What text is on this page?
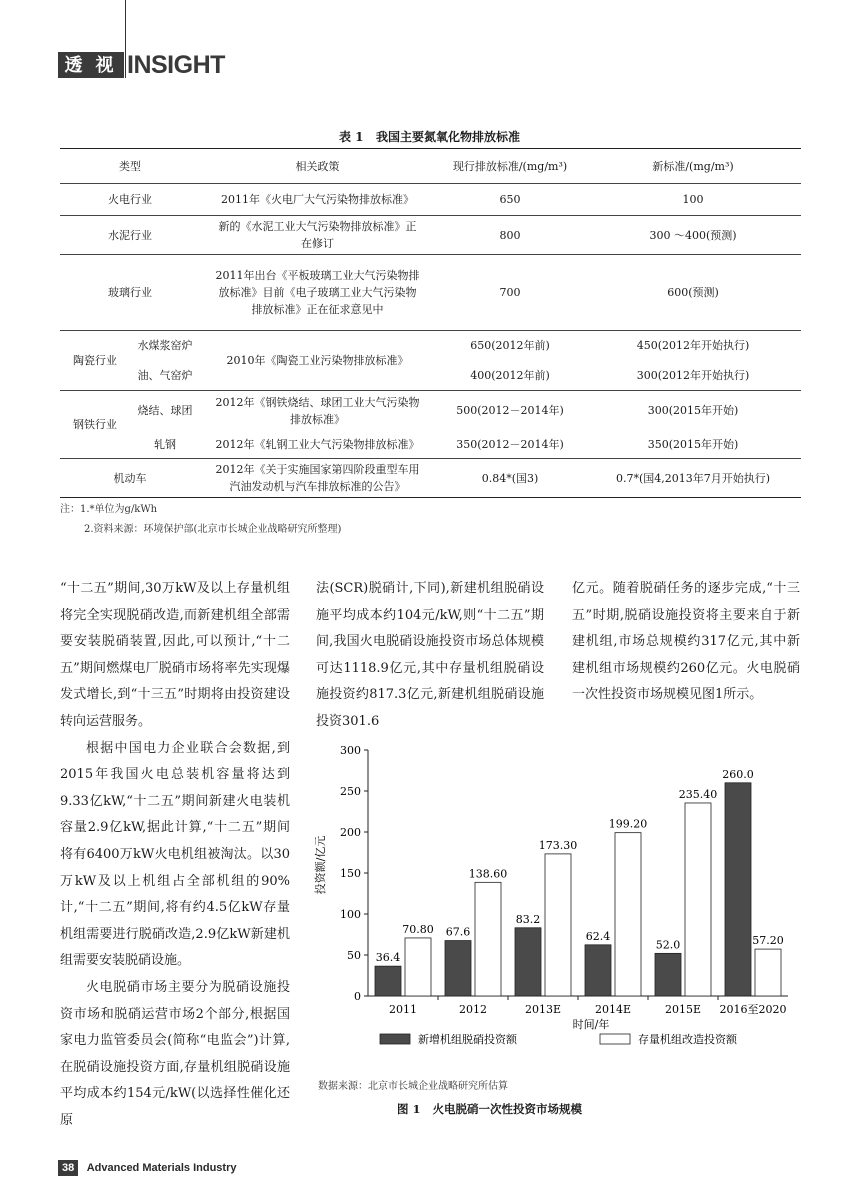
透 视 INSIGHT
表 1   我国主要氮氧化物排放标准
类型		相关政策	现行排放标准/(mg/m³)	新标准/(mg/m³)
火电行业		2011年《火电厂大气污染物排放标准》	650	100
水泥行业		新的《水泥工业大气污染物排放标准》正在修订	800	300 ～400(预测)
玻璃行业		2011年出台《平板玻璃工业大气污染物排放标准》目前《电子玻璃工业大气污染物排放标准》正在征求意见中	700	600(预测)
陶瓷行业	水煤浆窑炉	2010年《陶瓷工业污染物排放标准》	650(2012年前)	450(2012年开始执行)
	油、气窑炉		400(2012年前)	300(2012年开始执行)
钢铁行业	烧结、球团	2012年《钢铁烧结、球团工业大气污染物排放标准》	500(2012－2014年)	300(2015年开始)
	轧钢	2012年《轧钢工业大气污染物排放标准》	350(2012－2014年)	350(2015年开始)
机动车		2012年《关于实施国家第四阶段重型车用汽油发动机与汽车排放标准的公告》	0.84*(国3)	0.7*(国4,2013年7月开始执行)
注：1.*单位为g/kWh
2.资料来源：环境保护部(北京市长城企业战略研究所整理)

“十二五”期间,30万kW及以上存量机组将完全实现脱硝改造,而新建机组全部需要安装脱硝装置,因此,可以预计,“十二五”期间燃煤电厂脱硝市场将率先实现爆发式增长,到“十三五”时期将由投资建设转向运营服务。

根据中国电力企业联合会数据,到2015年我国火电总装机容量将达到9.33亿kW,“十二五”期间新建火电装机容量2.9亿kW,据此计算,“十二五”期间将有6400万kW火电机组被淘汰。以30万kW及以上机组占全部机组的90%计,“十二五”期间,将有约4.5亿kW存量机组需要进行脱硝改造,2.9亿kW新建机组需要安装脱硝设施。

火电脱硝市场主要分为脱硝设施投资市场和脱硝运营市场2个部分,根据国家电力监管委员会(简称“电监会”)计算,在脱硝设施投资方面,存量机组脱硝设施平均成本约154元/kW(以选择性催化还原

法(SCR)脱硝计,下同),新建机组脱硝设施平均成本约104元/kW,则“十二五”期间,我国火电脱硝设施投资市场总体规模可达1118.9亿元,其中存量机组脱硝设施投资约817.3亿元,新建机组脱硝设施投资301.6

亿元。随着脱硝任务的逐步完成,“十三五”时期,脱硝设施投资将主要来自于新建机组,市场总规模约317亿元,其中新建机组市场规模约260亿元。火电脱硝一次性投资市场规模见图1所示。

0
50
100
150
200
250
300
2011
36.4
70.80
2012
67.6
138.60
2013E
83.2
173.30
2014E
62.4
199.20
2015E
52.0
235.40
2016至2020
260.0
57.20
投资额/亿元
时间/年
新增机组脱硝投资额	存量机组改造投资额
数据来源：北京市长城企业战略研究所估算
图 1   火电脱硝一次性投资市场规模
38 Advanced Materials Industry
